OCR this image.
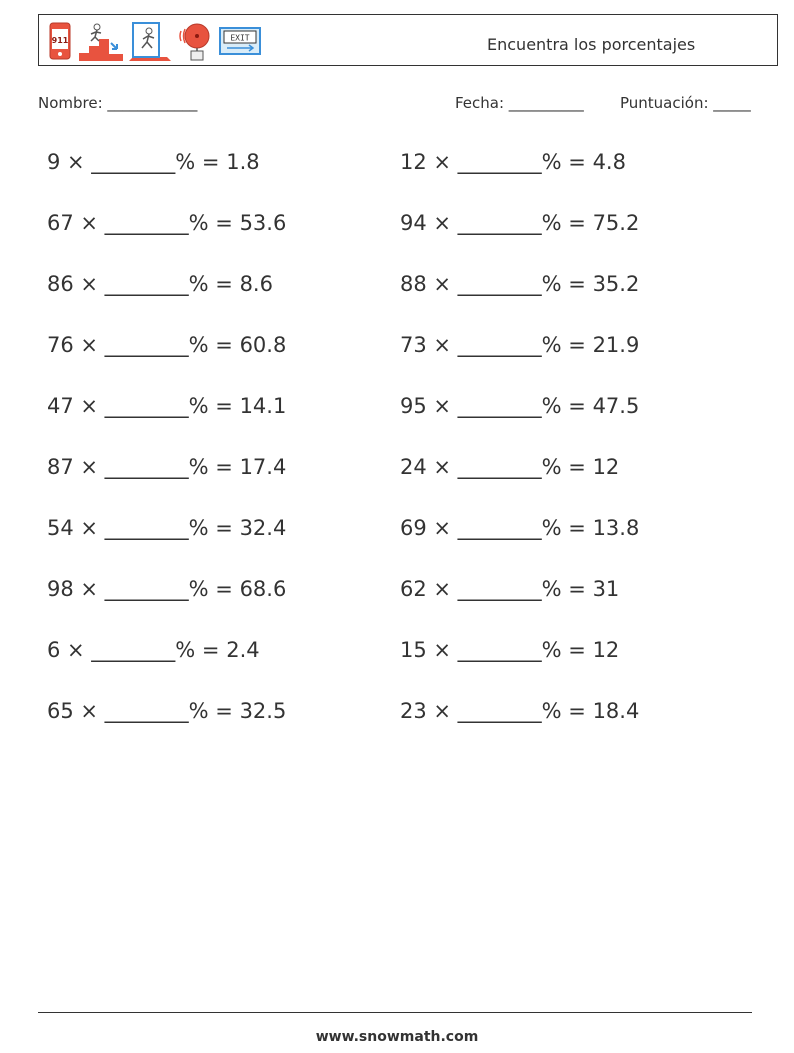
911	EXIT	Encuentra los porcentajes
Nombre: ____________	Fecha: __________ Puntuación: _____
9 × ________% = 1.8
67 × ________% = 53.6
86 × ________% = 8.6
76 × ________% = 60.8
47 × ________% = 14.1
87 × ________% = 17.4
54 × ________% = 32.4
98 × ________% = 68.6
6 × ________% = 2.4
65 × ________% = 32.5
12 × ________% = 4.8
94 × ________% = 75.2
88 × ________% = 35.2
73 × ________% = 21.9
95 × ________% = 47.5
24 × ________% = 12
69 × ________% = 13.8
62 × ________% = 31
15 × ________% = 12
23 × ________% = 18.4
www.snowmath.com
